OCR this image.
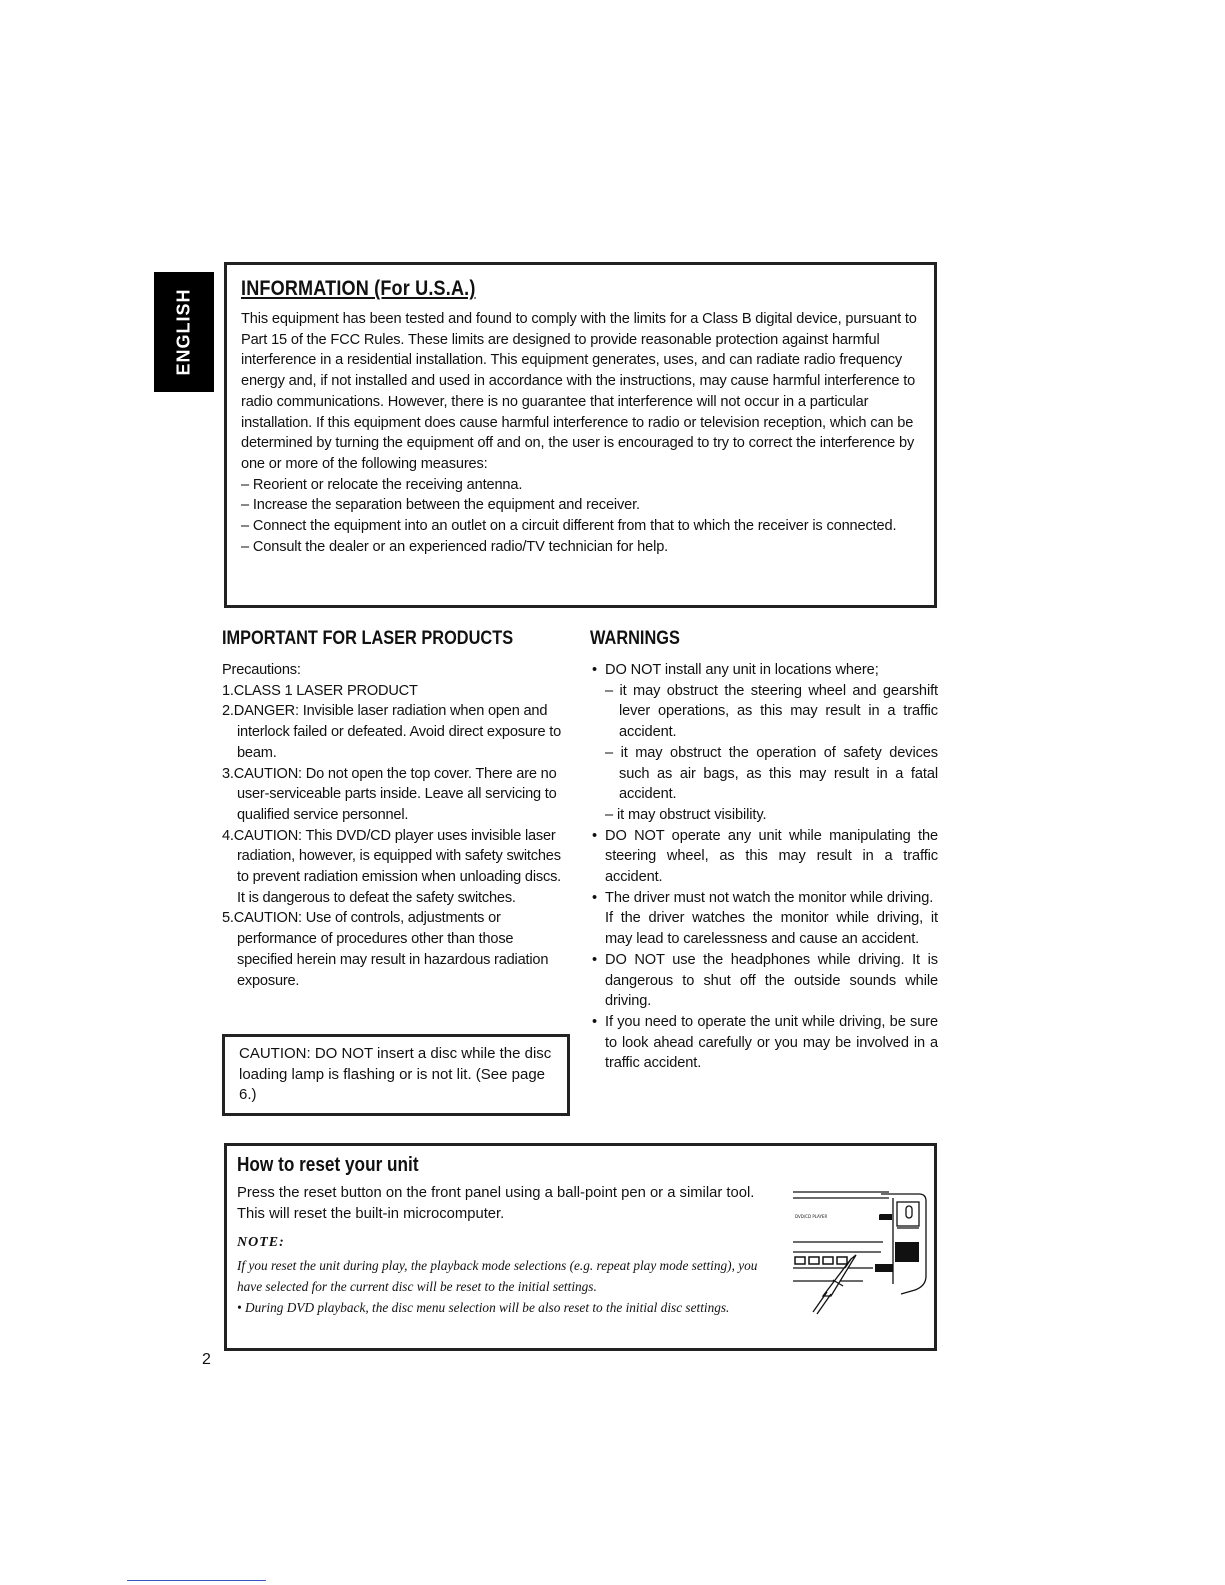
ENGLISH INFORMATION (For U.S.A.)
This equipment has been tested and found to comply with the limits for a Class B digital device, pursuant to Part 15 of the FCC Rules. These limits are designed to provide reasonable protection against harmful interference in a residential installation. This equipment generates, uses, and can radiate radio frequency energy and, if not installed and used in accordance with the instructions, may cause harmful interference to radio communications. However, there is no guarantee that interference will not occur in a particular installation. If this equipment does cause harmful interference to radio or television reception, which can be determined by turning the equipment off and on, the user is encouraged to try to correct the interference by one or more of the following measures:
– Reorient or relocate the receiving antenna.
– Increase the separation between the equipment and receiver.
– Connect the equipment into an outlet on a circuit different from that to which the receiver is connected.
– Consult the dealer or an experienced radio/TV technician for help.
IMPORTANT FOR LASER PRODUCTS
Precautions:
1.CLASS 1 LASER PRODUCT
2.DANGER: Invisible laser radiation when open and interlock failed or defeated. Avoid direct exposure to beam.
3.CAUTION: Do not open the top cover. There are no user-serviceable parts inside. Leave all servicing to qualified service personnel.
4.CAUTION: This DVD/CD player uses invisible laser radiation, however, is equipped with safety switches to prevent radiation emission when unloading discs. It is dangerous to defeat the safety switches.
5.CAUTION: Use of controls, adjustments or performance of procedures other than those specified herein may result in hazardous radiation exposure.
CAUTION: DO NOT insert a disc while the disc loading lamp is flashing or is not lit. (See page 6.)
WARNINGS
• DO NOT install any unit in locations where;
– it may obstruct the steering wheel and gearshift lever operations, as this may result in a traffic accident.
– it may obstruct the operation of safety devices such as air bags, as this may result in a fatal accident.
– it may obstruct visibility.
• DO NOT operate any unit while manipulating the steering wheel, as this may result in a traffic accident.
• The driver must not watch the monitor while driving.
If the driver watches the monitor while driving, it may lead to carelessness and cause an accident.
• DO NOT use the headphones while driving. It is dangerous to shut off the outside sounds while driving.
• If you need to operate the unit while driving, be sure to look ahead carefully or you may be involved in a traffic accident.
How to reset your unit
Press the reset button on the front panel using a ball-point pen or a similar tool. This will reset the built-in microcomputer.
NOTE:
If you reset the unit during play, the playback mode selections (e.g. repeat play mode setting), you have selected for the current disc will be reset to the initial settings.
• During DVD playback, the disc menu selection will be also reset to the initial disc settings.
DVD/CD PLAYER
JVC
2
